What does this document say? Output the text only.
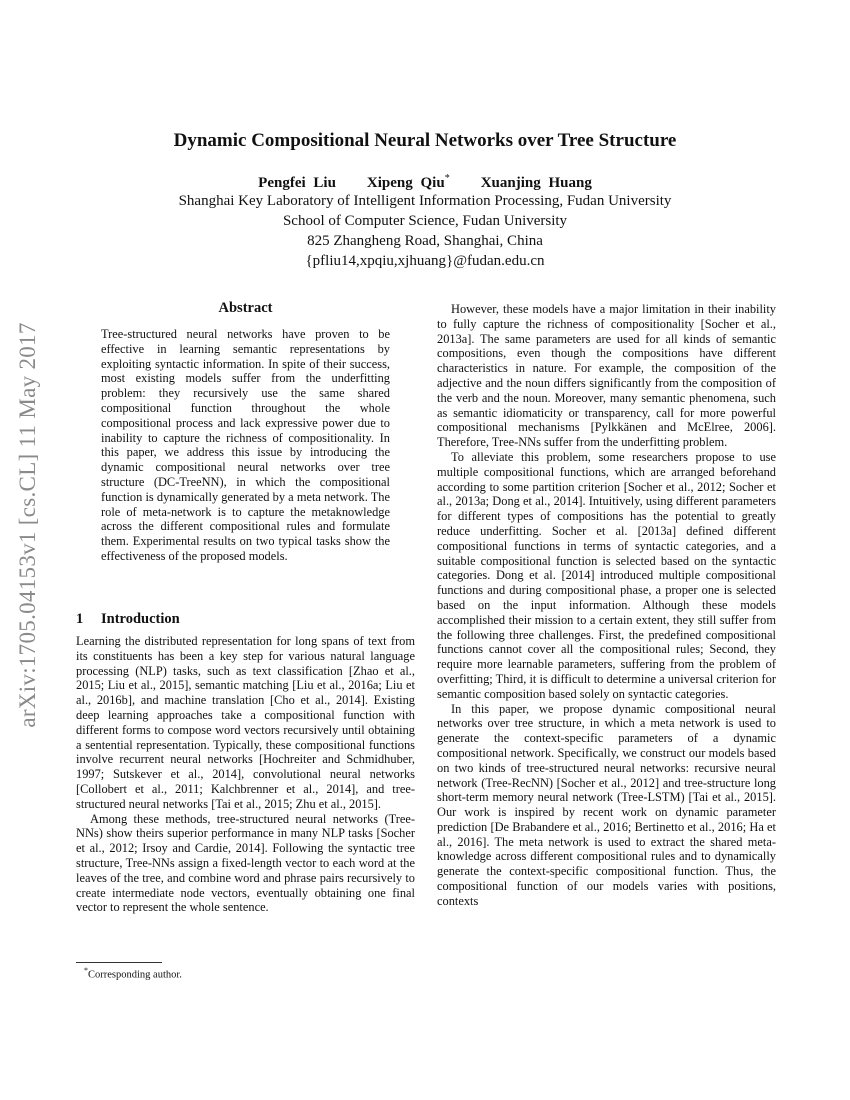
arXiv:1705.04153v1 [cs.CL] 11 May 2017
Dynamic Compositional Neural Networks over Tree Structure
Pengfei Liu Xipeng Qiu* Xuanjing Huang
Shanghai Key Laboratory of Intelligent Information Processing, Fudan University
School of Computer Science, Fudan University
825 Zhangheng Road, Shanghai, China
{pfliu14,xpqiu,xjhuang}@fudan.edu.cn
Abstract
Tree-structured neural networks have proven to be effective in learning semantic representations by exploiting syntactic information. In spite of their success, most existing models suffer from the underfitting problem: they recursively use the same shared compositional function throughout the whole compositional process and lack expressive power due to inability to capture the richness of compositionality. In this paper, we address this issue by introducing the dynamic compositional neural networks over tree structure (DC-TreeNN), in which the compositional function is dynamically generated by a meta network. The role of meta-network is to capture the metaknowledge across the different compositional rules and formulate them. Experimental results on two typical tasks show the effectiveness of the proposed models.
1 Introduction

Learning the distributed representation for long spans of text from its constituents has been a key step for various natural language processing (NLP) tasks, such as text classification [Zhao et al., 2015; Liu et al., 2015], semantic matching [Liu et al., 2016a; Liu et al., 2016b], and machine translation [Cho et al., 2014]. Existing deep learning approaches take a compositional function with different forms to compose word vectors recursively until obtaining a sentential representation. Typically, these compositional functions involve recurrent neural networks [Hochreiter and Schmidhuber, 1997; Sutskever et al., 2014], convolutional neural networks [Collobert et al., 2011; Kalchbrenner et al., 2014], and tree-structured neural networks [Tai et al., 2015; Zhu et al., 2015].

Among these methods, tree-structured neural networks (Tree-NNs) show theirs superior performance in many NLP tasks [Socher et al., 2012; Irsoy and Cardie, 2014]. Following the syntactic tree structure, Tree-NNs assign a fixed-length vector to each word at the leaves of the tree, and combine word and phrase pairs recursively to create intermediate node vectors, eventually obtaining one final vector to represent the whole sentence.

*Corresponding author.

However, these models have a major limitation in their inability to fully capture the richness of compositionality [Socher et al., 2013a]. The same parameters are used for all kinds of semantic compositions, even though the compositions have different characteristics in nature. For example, the composition of the adjective and the noun differs significantly from the composition of the verb and the noun. Moreover, many semantic phenomena, such as semantic idiomaticity or transparency, call for more powerful compositional mechanisms [Pylkkänen and McElree, 2006]. Therefore, Tree-NNs suffer from the underfitting problem.

To alleviate this problem, some researchers propose to use multiple compositional functions, which are arranged beforehand according to some partition criterion [Socher et al., 2012; Socher et al., 2013a; Dong et al., 2014]. Intuitively, using different parameters for different types of compositions has the potential to greatly reduce underfitting. Socher et al. [2013a] defined different compositional functions in terms of syntactic categories, and a suitable compositional function is selected based on the syntactic categories. Dong et al. [2014] introduced multiple compositional functions and during compositional phase, a proper one is selected based on the input information. Although these models accomplished their mission to a certain extent, they still suffer from the following three challenges. First, the predefined compositional functions cannot cover all the compositional rules; Second, they require more learnable parameters, suffering from the problem of overfitting; Third, it is difficult to determine a universal criterion for semantic composition based solely on syntactic categories.

In this paper, we propose dynamic compositional neural networks over tree structure, in which a meta network is used to generate the context-specific parameters of a dynamic compositional network. Specifically, we construct our models based on two kinds of tree-structured neural networks: recursive neural network (Tree-RecNN) [Socher et al., 2012] and tree-structure long short-term memory neural network (Tree-LSTM) [Tai et al., 2015]. Our work is inspired by recent work on dynamic parameter prediction [De Brabandere et al., 2016; Bertinetto et al., 2016; Ha et al., 2016]. The meta network is used to extract the shared meta-knowledge across different compositional rules and to dynamically generate the context-specific compositional function. Thus, the compositional function of our models varies with positions, contexts
